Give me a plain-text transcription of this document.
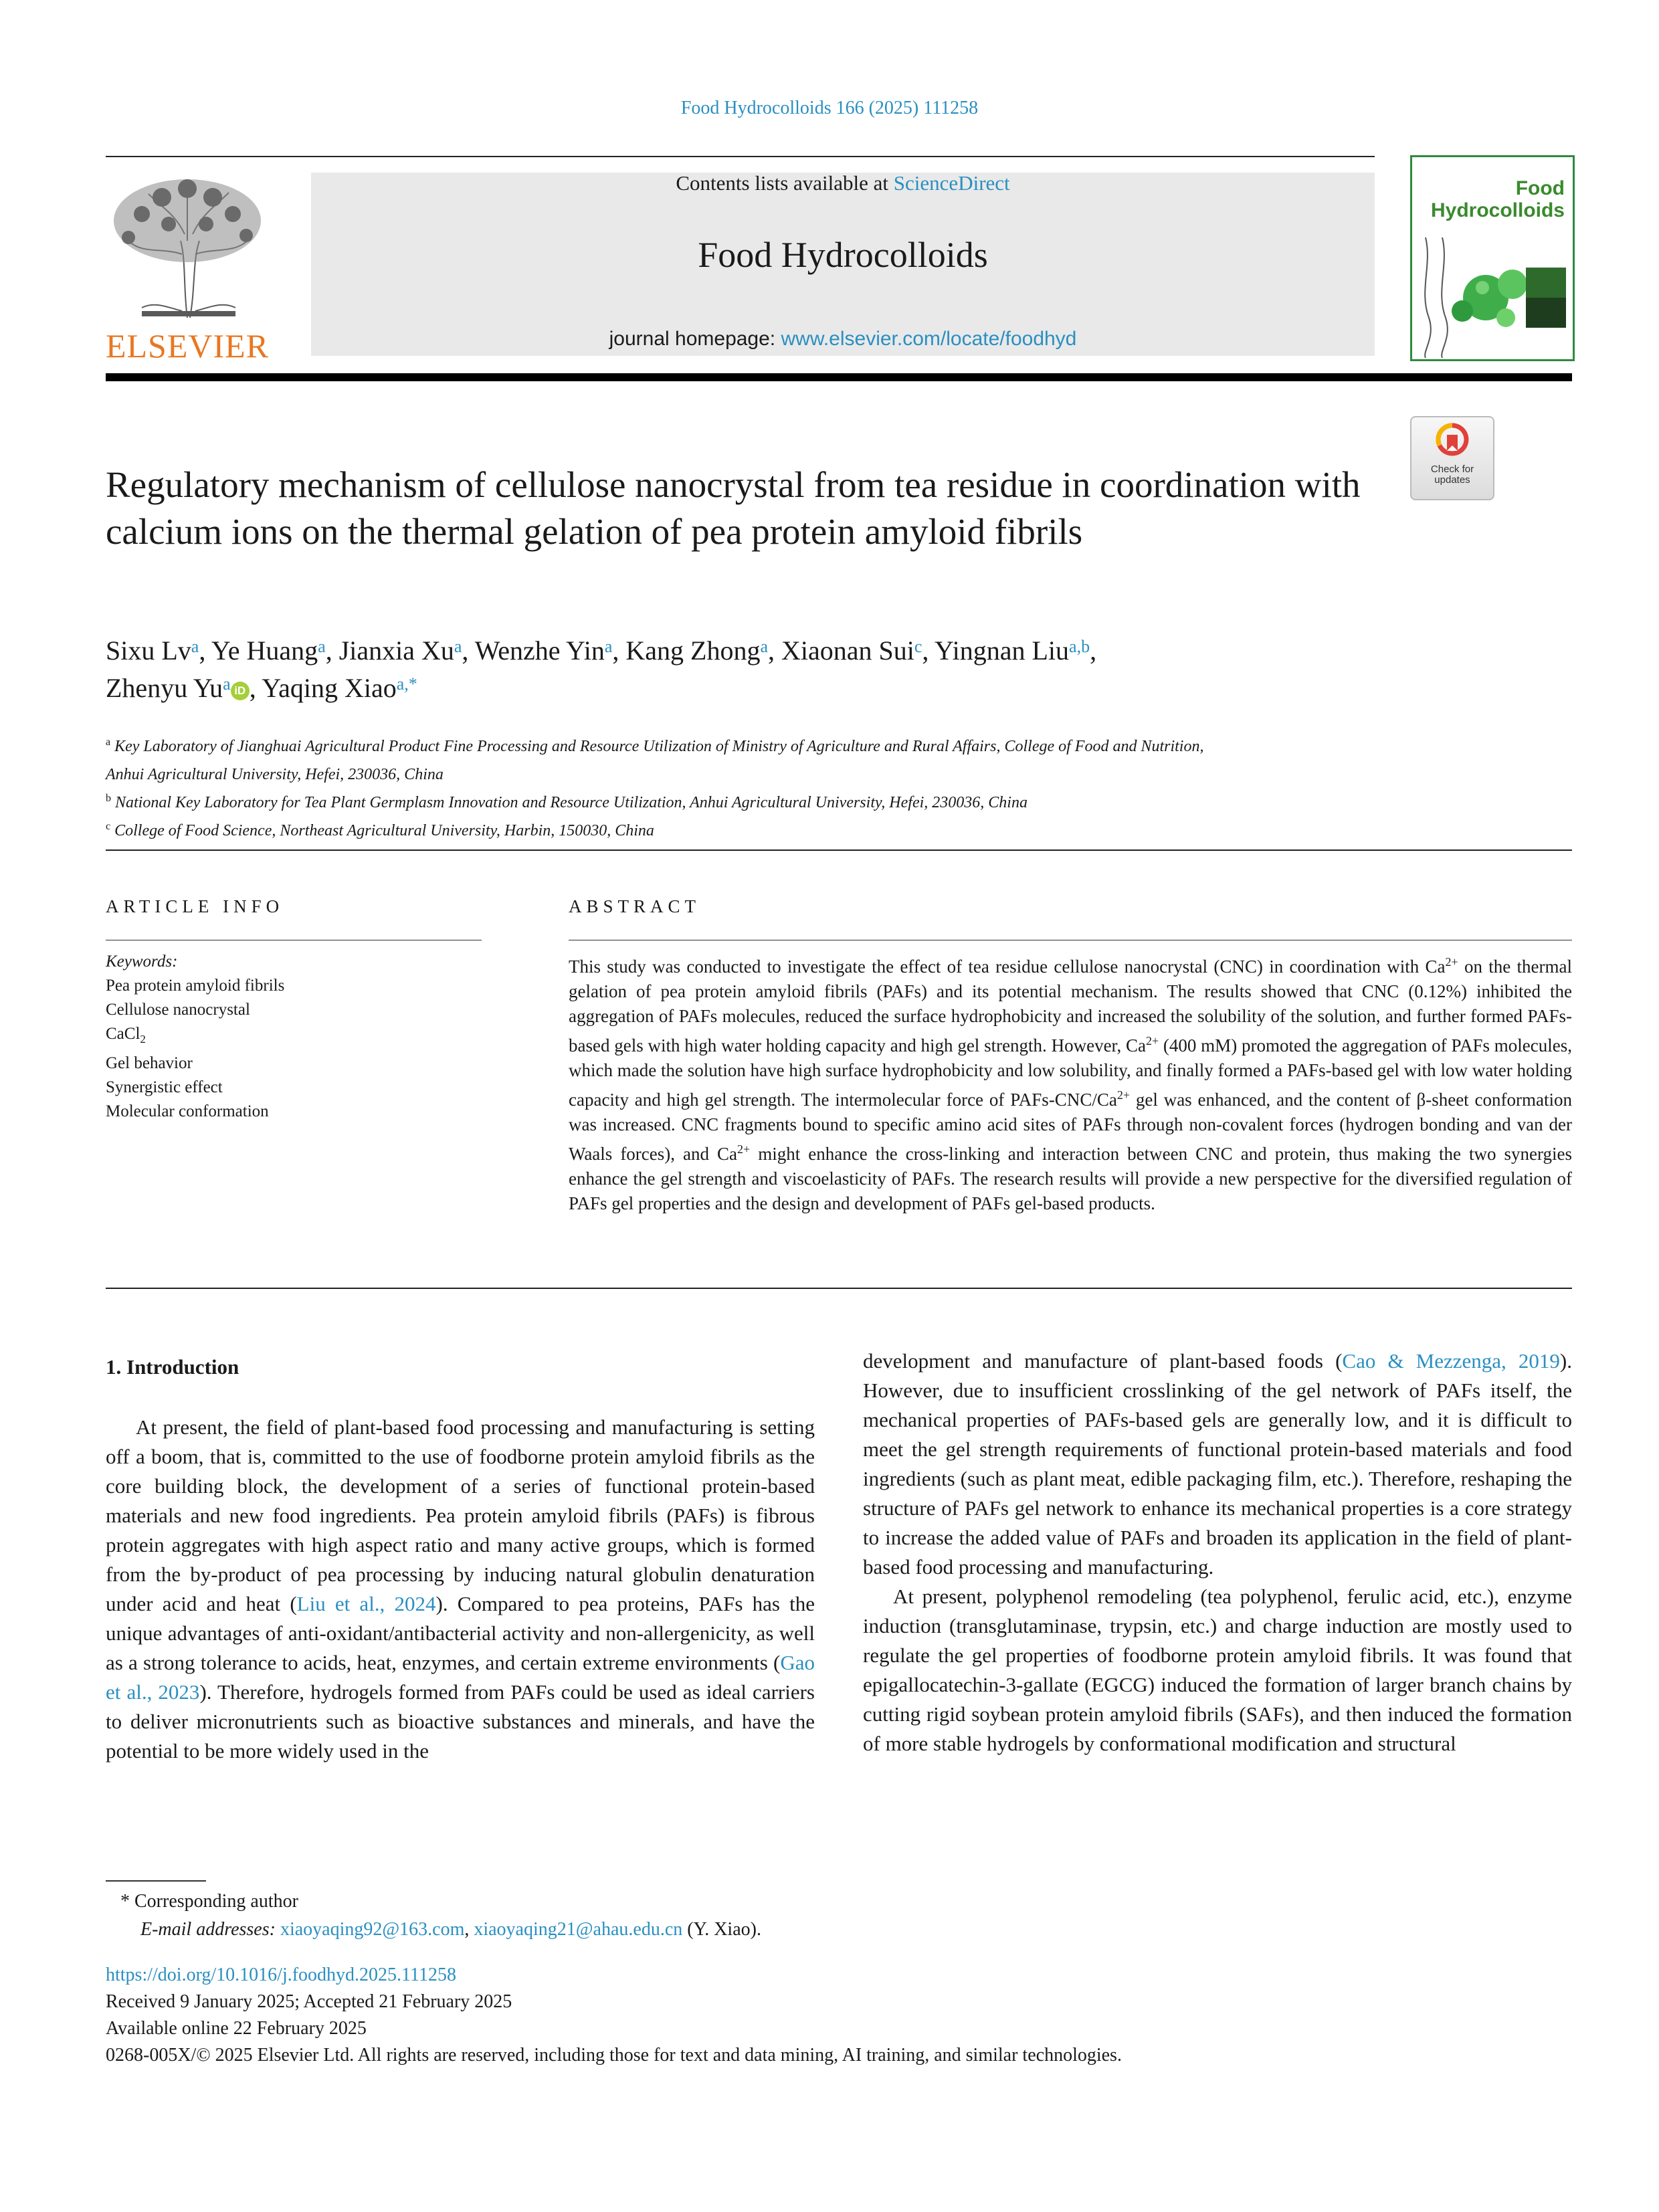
Food Hydrocolloids 166 (2025) 111258
Contents lists available at ScienceDirect
Food Hydrocolloids
journal homepage: www.elsevier.com/locate/foodhyd
ELSEVIER
Food
Hydrocolloids
Check for
updates
Regulatory mechanism of cellulose nanocrystal from tea residue in coordination with calcium ions on the thermal gelation of pea protein amyloid fibrils
Sixu Lv$^a$, Ye Huang$^a$, Jianxia Xu$^a$, Wenzhe Yin$^a$, Kang Zhong$^a$, Xiaonan Sui$^c$, Yingnan Liu$^{a,b}$,
Zhenyu Yu$^a$ iD , Yaqing Xiao$^{a,*}$
$^a$ Key Laboratory of Jianghuai Agricultural Product Fine Processing and Resource Utilization of Ministry of Agriculture and Rural Affairs, College of Food and Nutrition,
Anhui Agricultural University, Hefei, 230036, China
$^b$ National Key Laboratory for Tea Plant Germplasm Innovation and Resource Utilization, Anhui Agricultural University, Hefei, 230036, China
$^c$ College of Food Science, Northeast Agricultural University, Harbin, 150030, China
ARTICLE INFO	ABSTRACT
Keywords:
Pea protein amyloid fibrils
Cellulose nanocrystal
CaCl$_2$
Gel behavior
Synergistic effect
Molecular conformation
This study was conducted to investigate the effect of tea residue cellulose nanocrystal (CNC) in coordination with $Ca^{2+}$ on the thermal gelation of pea protein amyloid fibrils (PAFs) and its potential mechanism. The results showed that CNC (0.12%) inhibited the aggregation of PAFs molecules, reduced the surface hydrophobicity and increased the solubility of the solution, and further formed PAFs-based gels with high water holding capacity and high gel strength. However, $Ca^{2+}$ (400 mM) promoted the aggregation of PAFs molecules, which made the solution have high surface hydrophobicity and low solubility, and finally formed a PAFs-based gel with low water holding capacity and high gel strength. The intermolecular force of PAFs-$CNC/Ca^{2+}$ gel was enhanced, and the content of β-sheet conformation was increased. CNC fragments bound to specific amino acid sites of PAFs through non-covalent forces (hydrogen bonding and van der Waals forces), and $Ca^{2+}$ might enhance the cross-linking and interaction between CNC and protein, thus making the two synergies enhance the gel strength and viscoelasticity of PAFs. The research results will provide a new perspective for the diversified regulation of PAFs gel properties and the design and development of PAFs gel-based products.
1. Introduction

At present, the field of plant-based food processing and manufacturing is setting off a boom, that is, committed to the use of foodborne protein amyloid fibrils as the core building block, the development of a series of functional protein-based materials and new food ingredients. Pea protein amyloid fibrils (PAFs) is fibrous protein aggregates with high aspect ratio and many active groups, which is formed from the by-product of pea processing by inducing natural globulin denaturation under acid and heat (Liu et al., 2024). Compared to pea proteins, PAFs has the unique advantages of anti-oxidant/antibacterial activity and non-allergenicity, as well as a strong tolerance to acids, heat, enzymes, and certain extreme environments (Gao et al., 2023). Therefore, hydrogels formed from PAFs could be used as ideal carriers to deliver micronutrients such as bioactive substances and minerals, and have the potential to be more widely used in the

development and manufacture of plant-based foods (Cao & Mezzenga, 2019). However, due to insufficient crosslinking of the gel network of PAFs itself, the mechanical properties of PAFs-based gels are generally low, and it is difficult to meet the gel strength requirements of functional protein-based materials and food ingredients (such as plant meat, edible packaging film, etc.). Therefore, reshaping the structure of PAFs gel network to enhance its mechanical properties is a core strategy to increase the added value of PAFs and broaden its application in the field of plant-based food processing and manufacturing.

At present, polyphenol remodeling (tea polyphenol, ferulic acid, etc.), enzyme induction (transglutaminase, trypsin, etc.) and charge induction are mostly used to regulate the gel properties of foodborne protein amyloid fibrils. It was found that epigallocatechin-3-gallate (EGCG) induced the formation of larger branch chains by cutting rigid soybean protein amyloid fibrils (SAFs), and then induced the formation of more stable hydrogels by conformational modification and structural

* Corresponding author
E-mail addresses: xiaoyaqing92@163.com, xiaoyaqing21@ahau.edu.cn (Y. Xiao).
https://doi.org/10.1016/j.foodhyd.2025.111258
Received 9 January 2025; Accepted 21 February 2025
Available online 22 February 2025
0268-005X/© 2025 Elsevier Ltd. All rights are reserved, including those for text and data mining, AI training, and similar technologies.
